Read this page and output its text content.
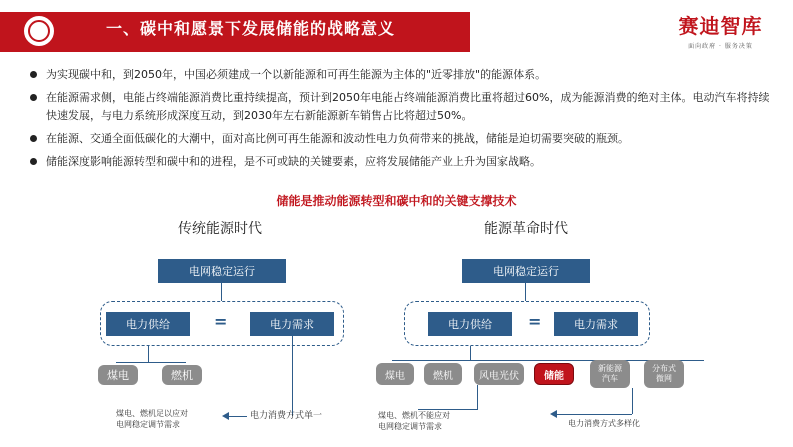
一、碳中和愿景下发展储能的战略意义	赛迪智库
面向政府 · 服务决策
为实现碳中和，到2050年，中国必须建成一个以新能源和可再生能源为主体的"近零排放"的能源体系。
在能源需求侧，电能占终端能源消费比重持续提高，预计到2050年电能占终端能源消费比重将超过60%，成为能源消费的绝对主体。电动汽车将持续快速发展，与电力系统形成深度互动，到2030年左右新能源新车销售占比将超过50%。
在能源、交通全面低碳化的大潮中，面对高比例可再生能源和波动性电力负荷带来的挑战，储能是迫切需要突破的瓶颈。
储能深度影响能源转型和碳中和的进程，是不可或缺的关键要素，应将发展储能产业上升为国家战略。
储能是推动能源转型和碳中和的关键支撑技术
传统能源时代
电网稳定运行
电力供给	=	电力需求
煤电	燃机
煤电、燃机足以应对
电网稳定调节需求
电力消费方式单一
能源革命时代
电网稳定运行
电力供给	=	电力需求
煤电	燃机	风电光伏	储能
新能源
汽车
分布式
微网
煤电、燃机不能应对
电网稳定调节需求	电力消费方式多样化
